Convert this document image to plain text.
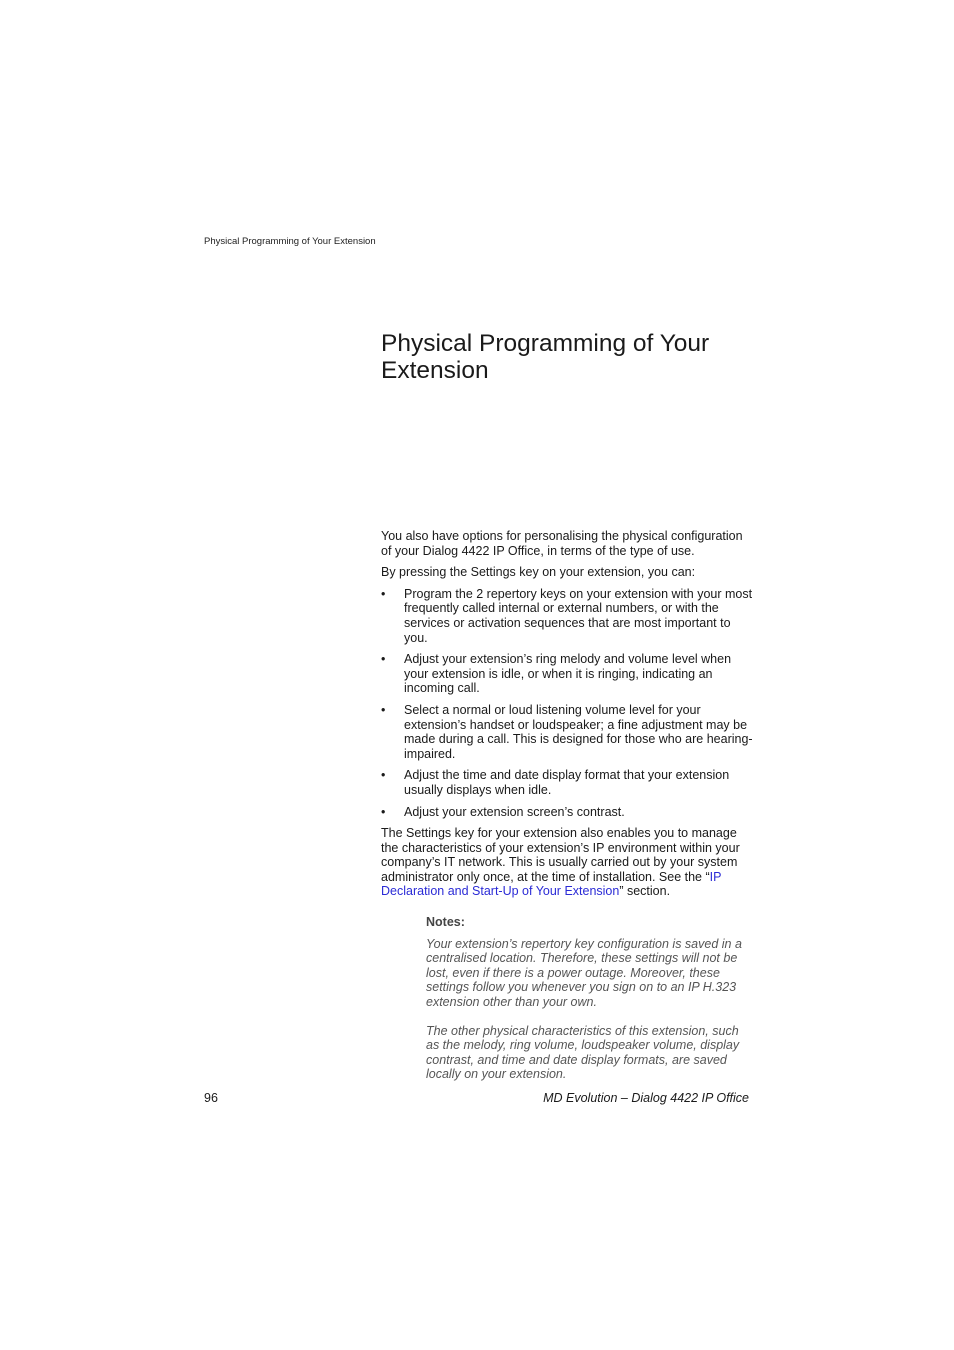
Physical Programming of Your Extension
Physical Programming of Your Extension

You also have options for personalising the physical configuration of your Dialog 4422 IP Office, in terms of the type of use.

By pressing the Settings key on your extension, you can:

• Program the 2 repertory keys on your extension with your most frequently called internal or external numbers, or with the services or activation sequences that are most important to you.
• Adjust your extension’s ring melody and volume level when your extension is idle, or when it is ringing, indicating an incoming call.
• Select a normal or loud listening volume level for your extension’s handset or loudspeaker; a fine adjustment may be made during a call. This is designed for those who are hearing-impaired.
• Adjust the time and date display format that your extension usually displays when idle.
• Adjust your extension screen’s contrast.

The Settings key for your extension also enables you to manage the characteristics of your extension’s IP environment within your company’s IT network. This is usually carried out by your system administrator only once, at the time of installation. See the “IP Declaration and Start-Up of Your Extension” section.

Notes:

Your extension’s repertory key configuration is saved in a centralised location. Therefore, these settings will not be lost, even if there is a power outage. Moreover, these settings follow you whenever you sign on to an IP H.323 extension other than your own.

The other physical characteristics of this extension, such as the melody, ring volume, loudspeaker volume, display contrast, and time and date display formats, are saved locally on your extension.

96	MD Evolution – Dialog 4422 IP Office
